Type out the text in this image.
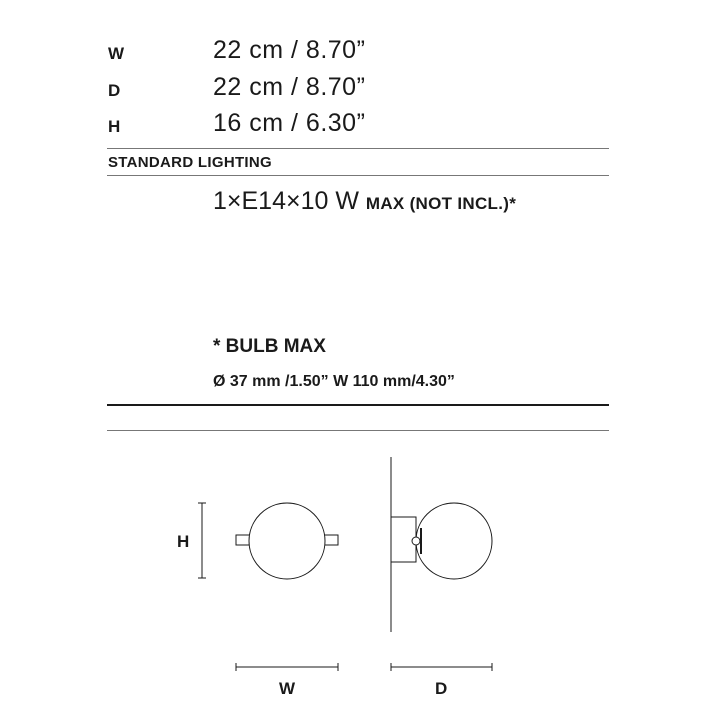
W	22 cm / 8.70”
D	22 cm / 8.70”
H	16 cm / 6.30”
STANDARD LIGHTING
1×E14×10 W MAX (NOT INCL.)*
* BULB MAX
Ø 37 mm /1.50” W 110 mm/4.30”
H
W	D
